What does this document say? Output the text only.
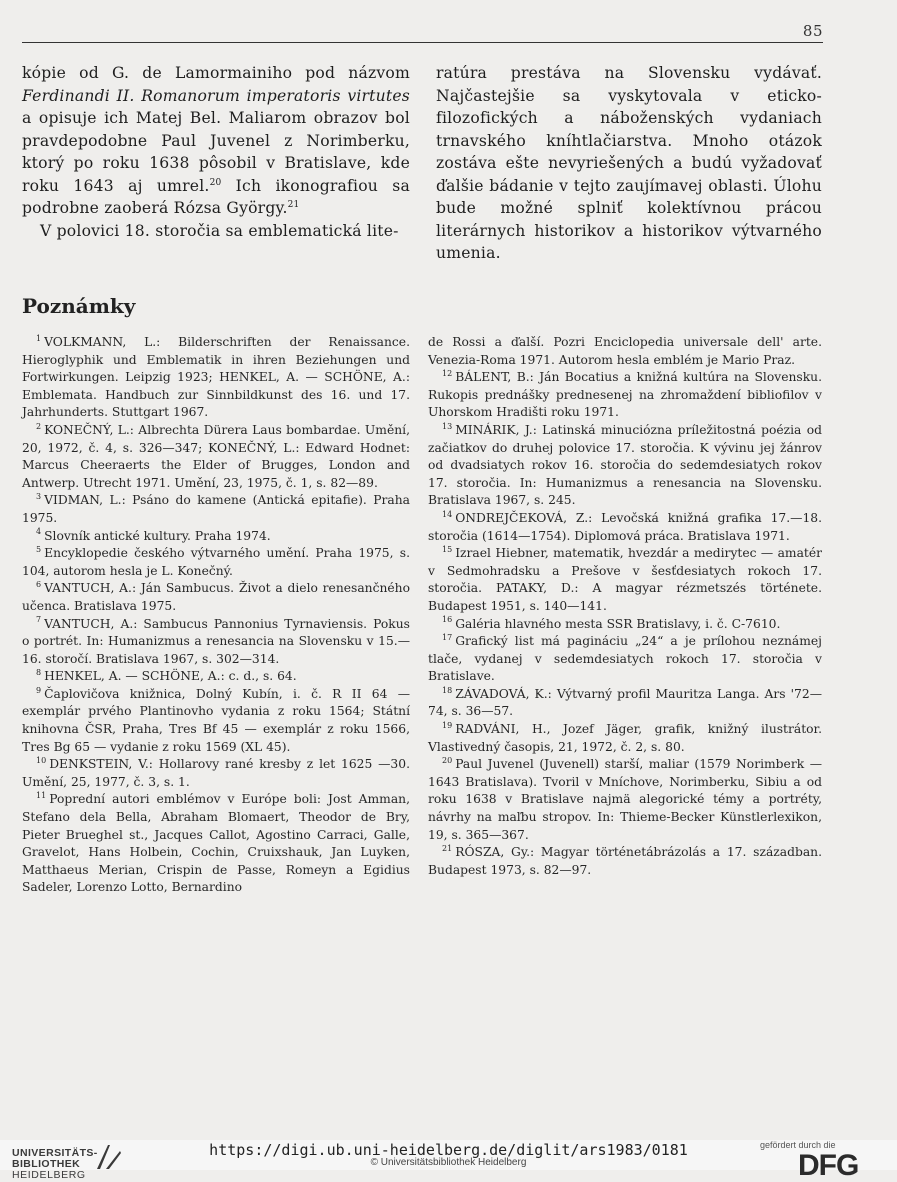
85

kópie od G. de Lamormainiho pod názvom Ferdinandi II. Romanorum imperatoris virtutes a opisuje ich Matej Bel. Maliarom obrazov bol pravdepodobne Paul Juvenel z Norimberku, ktorý po roku 1638 pôsobil v Bratislave, kde roku 1643 aj umrel.$^{20}$ Ich ikonografiou sa podrobne zaoberá Rózsa György.$^{21}$

V polovici 18. storočia sa emblematická lite-

ratúra prestáva na Slovensku vydávať. Najčastejšie sa vyskytovala v eticko-filozofických a náboženských vydaniach trnavského kníhtlačiarstva. Mnoho otázok zostáva ešte nevyriešených a budú vyžadovať ďalšie bádanie v tejto zaujímavej oblasti. Úlohu bude možné splniť kolektívnou prácou literárnych historikov a historikov výtvarného umenia.

Poznámky
$^1$ VOLKMANN, L.: Bilderschriften der Renaissance. Hieroglyphik und Emblematik in ihren Beziehungen und Fortwirkungen. Leipzig 1923; HENKEL, A. — SCHÖNE, A.: Emblemata. Handbuch zur Sinnbildkunst des 16. und 17. Jahrhunderts. Stuttgart 1967.
$^2$ KONEČNÝ, L.: Albrechta Dürera Laus bombardae. Umění, 20, 1972, č. 4, s. 326—347; KONEČNÝ, L.: Edward Hodnet: Marcus Cheeraerts the Elder of Brugges, London and Antwerp. Utrecht 1971. Umění, 23, 1975, č. 1, s. 82—89.
$^3$ VIDMAN, L.: Psáno do kamene (Antická epitafie). Praha 1975.
$^4$ Slovník antické kultury. Praha 1974.
$^5$ Encyklopedie českého výtvarného umění. Praha 1975, s. 104, autorom hesla je L. Konečný.
$^6$ VANTUCH, A.: Ján Sambucus. Život a dielo renesančného učenca. Bratislava 1975.
$^7$ VANTUCH, A.: Sambucus Pannonius Tyrnaviensis. Pokus o portrét. In: Humanizmus a renesancia na Slovensku v 15.—16. storočí. Bratislava 1967, s. 302—314.
$^8$ HENKEL, A. — SCHÖNE, A.: c. d., s. 64.
$^9$ Čaplovičova knižnica, Dolný Kubín, i. č. R II 64 — exemplár prvého Plantinovho vydania z roku 1564; Státní knihovna ČSR, Praha, Tres Bf 45 — exemplár z roku 1566, Tres Bg 65 — vydanie z roku 1569 (XL 45).
$^{10}$ DENKSTEIN, V.: Hollarovy rané kresby z let 1625 —30. Umění, 25, 1977, č. 3, s. 1.
$^{11}$ Poprední autori emblémov v Európe boli: Jost Amman, Stefano dela Bella, Abraham Blomaert, Theodor de Bry, Pieter Brueghel st., Jacques Callot, Agostino Carraci, Galle, Gravelot, Hans Holbein, Cochin, Cruixshauk, Jan Luyken, Matthaeus Merian, Crispin de Passe, Romeyn a Egidius Sadeler, Lorenzo Lotto, Bernardino
de Rossi a ďalší. Pozri Enciclopedia universale dell' arte. Venezia-Roma 1971. Autorom hesla emblém je Mario Praz.
$^{12}$ BÁLENT, B.: Ján Bocatius a knižná kultúra na Slovensku. Rukopis prednášky prednesenej na zhromaždení bibliofilov v Uhorskom Hradišti roku 1971.
$^{13}$ MINÁRIK, J.: Latinská minuciózna príležitostná poézia od začiatkov do druhej polovice 17. storočia. K vývinu jej žánrov od dvadsiatych rokov 16. storočia do sedemdesiatych rokov 17. storočia. In: Humanizmus a renesancia na Slovensku. Bratislava 1967, s. 245.
$^{14}$ ONDREJČEKOVÁ, Z.: Levočská knižná grafika 17.—18. storočia (1614—1754). Diplomová práca. Bratislava 1971.
$^{15}$ Izrael Hiebner, matematik, hvezdár a medirytec — amatér v Sedmohradsku a Prešove v šesťdesiatych rokoch 17. storočia. PATAKY, D.: A magyar rézmetszés története. Budapest 1951, s. 140—141.
$^{16}$ Galéria hlavného mesta SSR Bratislavy, i. č. C-7610.
$^{17}$ Grafický list má pagináciu „24“ a je prílohou neznámej tlače, vydanej v sedemdesiatych rokoch 17. storočia v Bratislave.
$^{18}$ ZÁVADOVÁ, K.: Výtvarný profil Mauritza Langa. Ars '72—74, s. 36—57.
$^{19}$ RADVÁNI, H., Jozef Jäger, grafik, knižný ilustrátor. Vlastivedný časopis, 21, 1972, č. 2, s. 80.
$^{20}$ Paul Juvenel (Juvenell) starší, maliar (1579 Norimberk — 1643 Bratislava). Tvoril v Mníchove, Norimberku, Sibiu a od roku 1638 v Bratislave najmä alegorické témy a portréty, návrhy na maľbu stropov. In: Thieme-Becker Künstlerlexikon, 19, s. 365—367.
$^{21}$ RÓSZA, Gy.: Magyar történetábrázolás a 17. században. Budapest 1973, s. 82—97.
UNIVERSITÄTS-
BIBLIOTHEK
HEIDELBERG
https://digi.ub.uni-heidelberg.de/diglit/ars1983/0181
© Universitätsbibliothek Heidelberg
gefördert durch die
DFG
